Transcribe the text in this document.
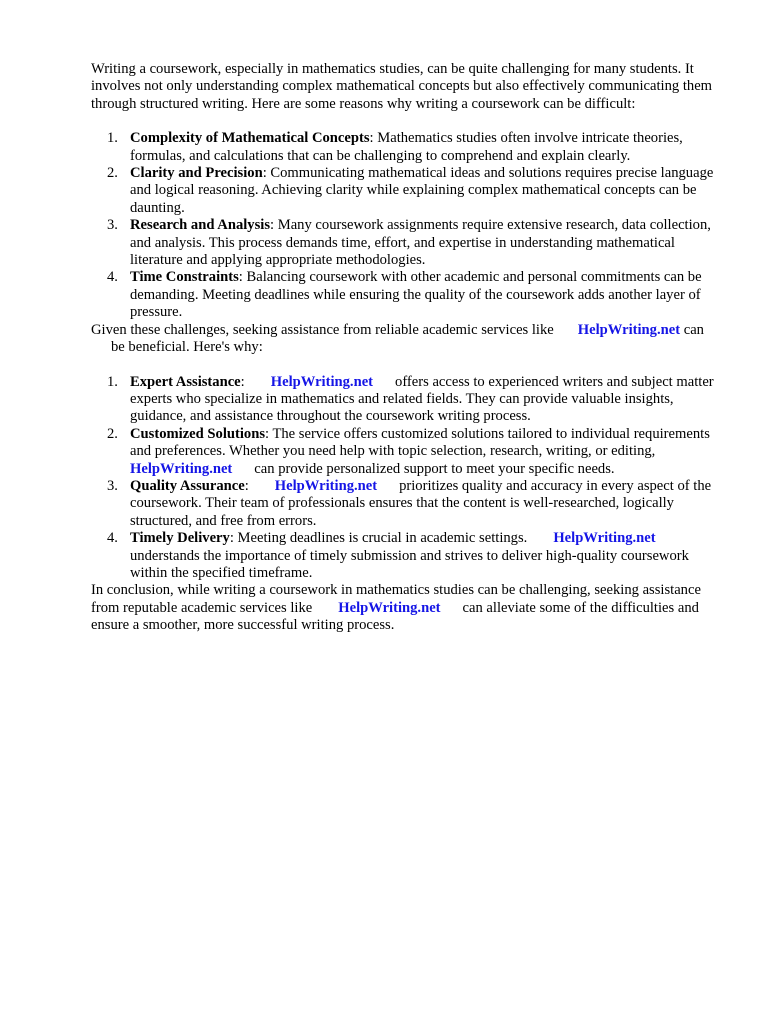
Writing a coursework, especially in mathematics studies, can be quite challenging for many students. It involves not only understanding complex mathematical concepts but also effectively communicating them through structured writing. Here are some reasons why writing a coursework can be difficult:

1. Complexity of Mathematical Concepts: Mathematics studies often involve intricate theories, formulas, and calculations that can be challenging to comprehend and explain clearly.
2. Clarity and Precision: Communicating mathematical ideas and solutions requires precise language and logical reasoning. Achieving clarity while explaining complex mathematical concepts can be daunting.
3. Research and Analysis: Many coursework assignments require extensive research, data collection, and analysis. This process demands time, effort, and expertise in understanding mathematical literature and applying appropriate methodologies.
4. Time Constraints: Balancing coursework with other academic and personal commitments can be demanding. Meeting deadlines while ensuring the quality of the coursework adds another layer of pressure.

Given these challenges, seeking assistance from reliable academic services like HelpWriting.net can be beneficial. Here's why:

1. Expert Assistance: HelpWriting.net offers access to experienced writers and subject matter experts who specialize in mathematics and related fields. They can provide valuable insights, guidance, and assistance throughout the coursework writing process.
2. Customized Solutions: The service offers customized solutions tailored to individual requirements and preferences. Whether you need help with topic selection, research, writing, or editing,HelpWriting.net can provide personalized support to meet your specific needs.
3. Quality Assurance: HelpWriting.net prioritizes quality and accuracy in every aspect of the coursework. Their team of professionals ensures that the content is well-researched, logically structured, and free from errors.
4. Timely Delivery: Meeting deadlines is crucial in academic settings. HelpWriting.net understands the importance of timely submission and strives to deliver high-quality coursework within the specified timeframe.

In conclusion, while writing a coursework in mathematics studies can be challenging, seeking assistance from reputable academic services like HelpWriting.net can alleviate some of the difficulties and ensure a smoother, more successful writing process.
